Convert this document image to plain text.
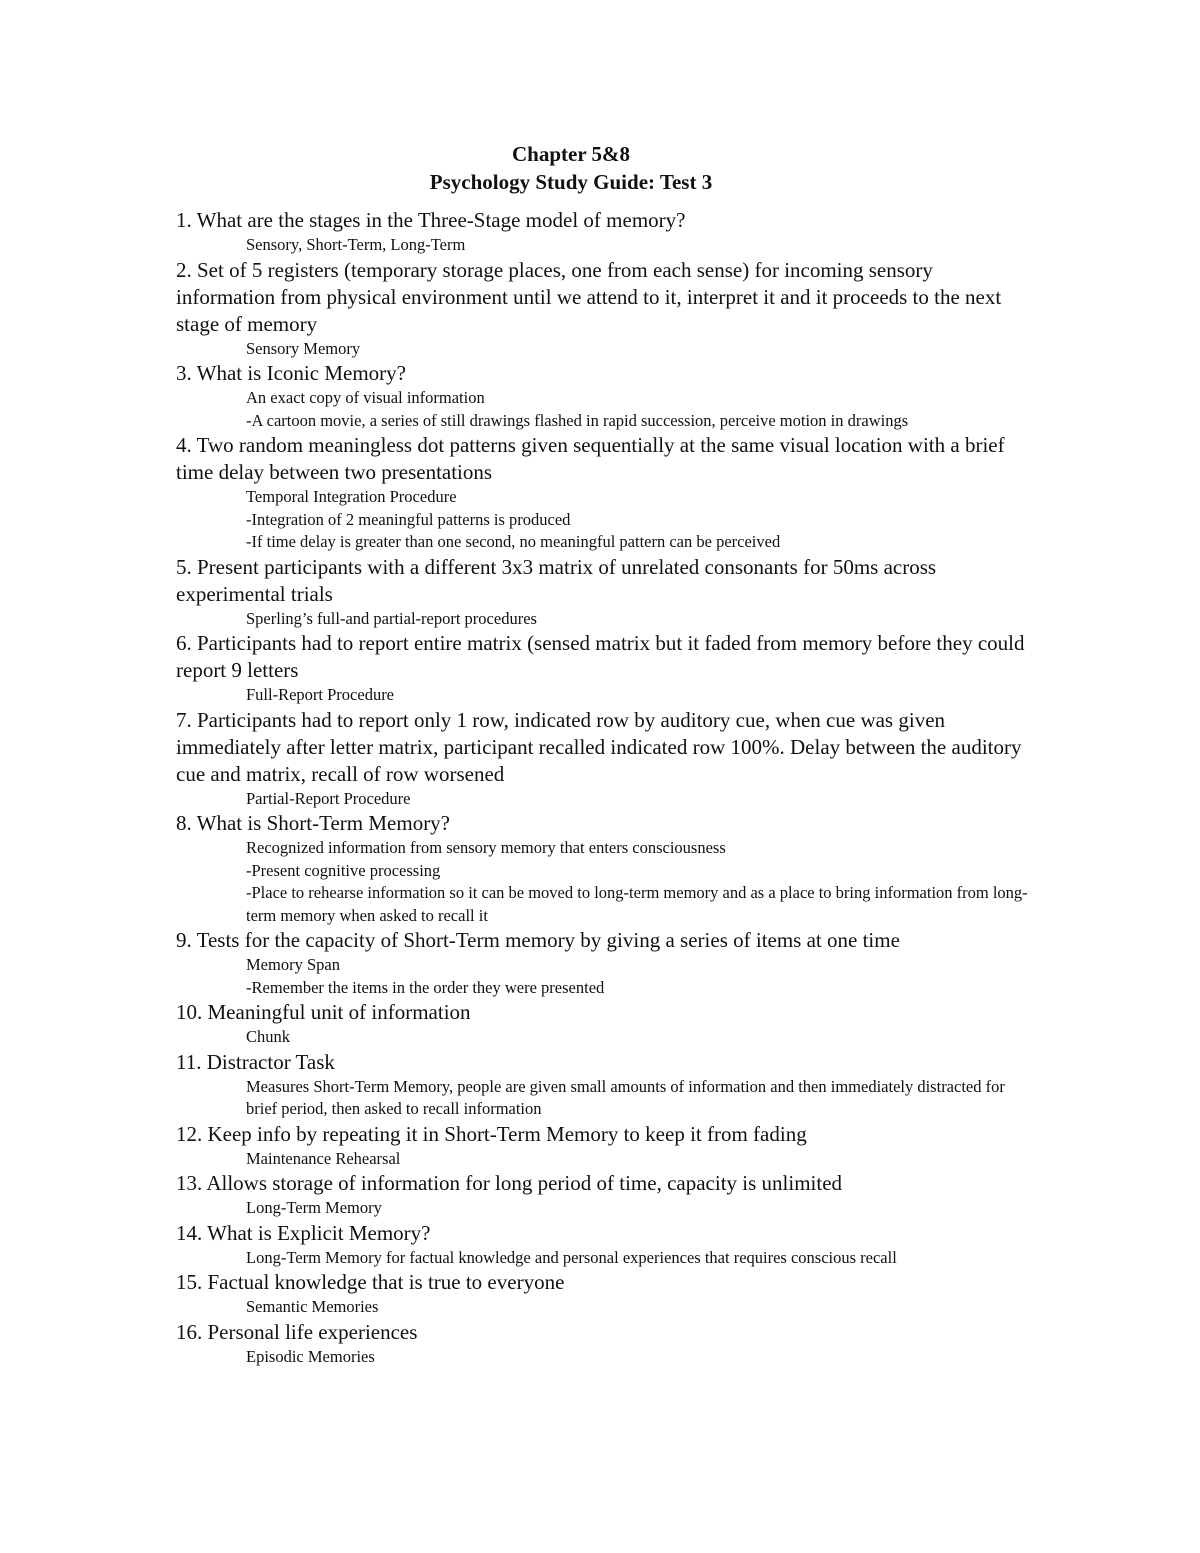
Chapter 5&8

Psychology Study Guide: Test 3

1. What are the stages in the Three-Stage model of memory?

Sensory, Short-Term, Long-Term

2. Set of 5 registers (temporary storage places, one from each sense) for incoming sensory information from physical environment until we attend to it, interpret it and it proceeds to the next stage of memory

Sensory Memory

3. What is Iconic Memory?

An exact copy of visual information

-A cartoon movie, a series of still drawings flashed in rapid succession, perceive motion in drawings

4. Two random meaningless dot patterns given sequentially at the same visual location with a brief time delay between two presentations

Temporal Integration Procedure

-Integration of 2 meaningful patterns is produced

-If time delay is greater than one second, no meaningful pattern can be perceived

5. Present participants with a different 3x3 matrix of unrelated consonants for 50ms across experimental trials

Sperling’s full-and partial-report procedures

6. Participants had to report entire matrix (sensed matrix but it faded from memory before they could report 9 letters

Full-Report Procedure

7. Participants had to report only 1 row, indicated row by auditory cue, when cue was given immediately after letter matrix, participant recalled indicated row 100%. Delay between the auditory cue and matrix, recall of row worsened

Partial-Report Procedure

8. What is Short-Term Memory?

Recognized information from sensory memory that enters consciousness

-Present cognitive processing

-Place to rehearse information so it can be moved to long-term memory and as a place to bring information from long-term memory when asked to recall it

9. Tests for the capacity of Short-Term memory by giving a series of items at one time

Memory Span

-Remember the items in the order they were presented

10. Meaningful unit of information

Chunk

11. Distractor Task

Measures Short-Term Memory, people are given small amounts of information and then immediately distracted for brief period, then asked to recall information

12. Keep info by repeating it in Short-Term Memory to keep it from fading

Maintenance Rehearsal

13. Allows storage of information for long period of time, capacity is unlimited

Long-Term Memory

14. What is Explicit Memory?

Long-Term Memory for factual knowledge and personal experiences that requires conscious recall

15. Factual knowledge that is true to everyone

Semantic Memories

16. Personal life experiences

Episodic Memories
